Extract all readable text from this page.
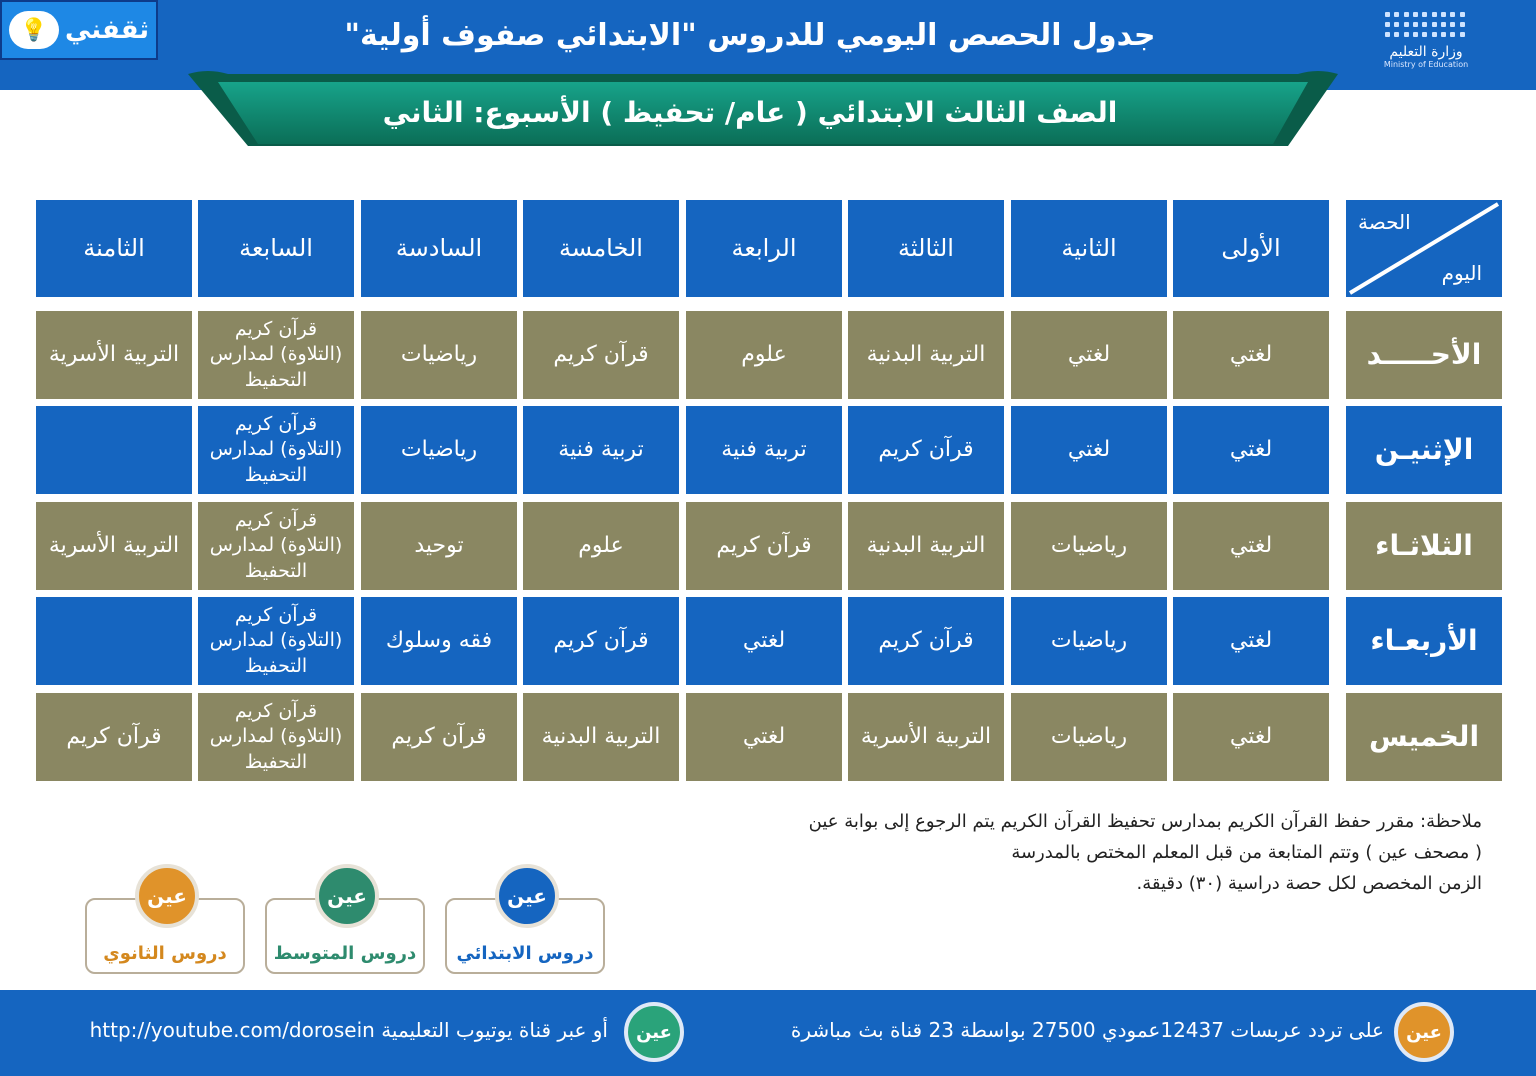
ثقفني
💡	جدول الحصص اليومي للدروس "الابتدائي صفوف أولية"	وزارة التعليم
Ministry of Education
الصف الثالث الابتدائي ( عام/ تحفيظ ) الأسبوع: الثاني
الحصة
اليوم
الأولى
الثانية
الثالثة
الرابعة
الخامسة
السادسة
السابعة
الثامنة
الأحـــــد
لغتي
لغتي
التربية البدنية
علوم
قرآن كريم
رياضيات
قرآن كريم (التلاوة) لمدارس التحفيظ
التربية الأسرية
الإثنيـن
لغتي
لغتي
قرآن كريم
تربية فنية
تربية فنية
رياضيات
قرآن كريم (التلاوة) لمدارس التحفيظ
الثلاثـاء
لغتي
رياضيات
التربية البدنية
قرآن كريم
علوم
توحيد
قرآن كريم (التلاوة) لمدارس التحفيظ
التربية الأسرية
الأربعـاء
لغتي
رياضيات
قرآن كريم
لغتي
قرآن كريم
فقه وسلوك
قرآن كريم (التلاوة) لمدارس التحفيظ
الخميس
لغتي
رياضيات
التربية الأسرية
لغتي
التربية البدنية
قرآن كريم
قرآن كريم (التلاوة) لمدارس التحفيظ
قرآن كريم
ملاحظة: مقرر حفظ القرآن الكريم بمدارس تحفيظ القرآن الكريم يتم الرجوع إلى بوابة عين
( مصحف عين ) وتتم المتابعة من قبل المعلم المختص بالمدرسة
الزمن المخصص لكل حصة دراسية (٣٠) دقيقة.
عين
دروس الابتدائي
عين
دروس المتوسط
عين
دروس الثانوي
عين
على تردد عربسات 12437عمودي 27500 بواسطة 23 قناة بث مباشرة
عين
أو عبر قناة يوتيوب التعليمية http://youtube.com/dorosein
